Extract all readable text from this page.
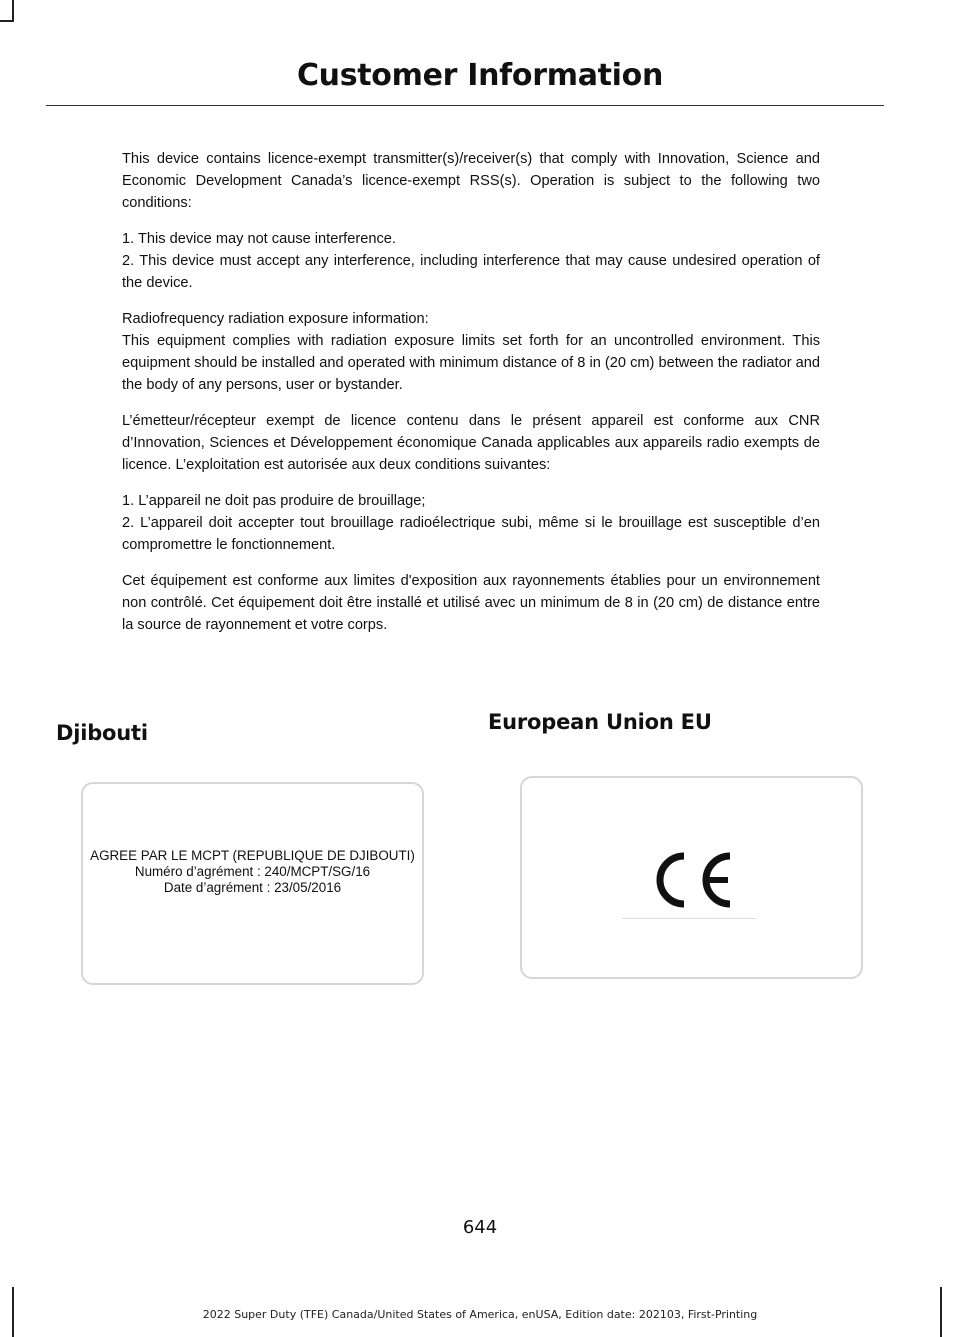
Customer Information

This device contains licence-exempt transmitter(s)/receiver(s) that comply with Innovation, Science and Economic Development Canada’s licence-exempt RSS(s). Operation is subject to the following two conditions:

1. This device may not cause interference.
2. This device must accept any interference, including interference that may cause undesired operation of the device.

Radiofrequency radiation exposure information:
This equipment complies with radiation exposure limits set forth for an uncontrolled environment. This equipment should be installed and operated with minimum distance of 8 in (20 cm) between the radiator and the body of any persons, user or bystander.

L’émetteur/récepteur exempt de licence contenu dans le présent appareil est conforme aux CNR d’Innovation, Sciences et Développement économique Canada applicables aux appareils radio exempts de licence. L’exploitation est autorisée aux deux conditions suivantes:

1. L’appareil ne doit pas produire de brouillage;
2. L’appareil doit accepter tout brouillage radioélectrique subi, même si le brouillage est susceptible d’en compromettre le fonctionnement.

Cet équipement est conforme aux limites d'exposition aux rayonnements établies pour un environnement non contrôlé. Cet équipement doit être installé et utilisé avec un minimum de 8 in (20 cm) de distance entre la source de rayonnement et votre corps.

Djibouti	European Union EU
AGREE PAR LE MCPT (REPUBLIQUE DE DJIBOUTI)
Numéro d’agrément : 240/MCPT/SG/16
Date d’agrément : 23/05/2016
644
2022 Super Duty (TFE) Canada/United States of America, enUSA, Edition date: 202103, First-Printing
